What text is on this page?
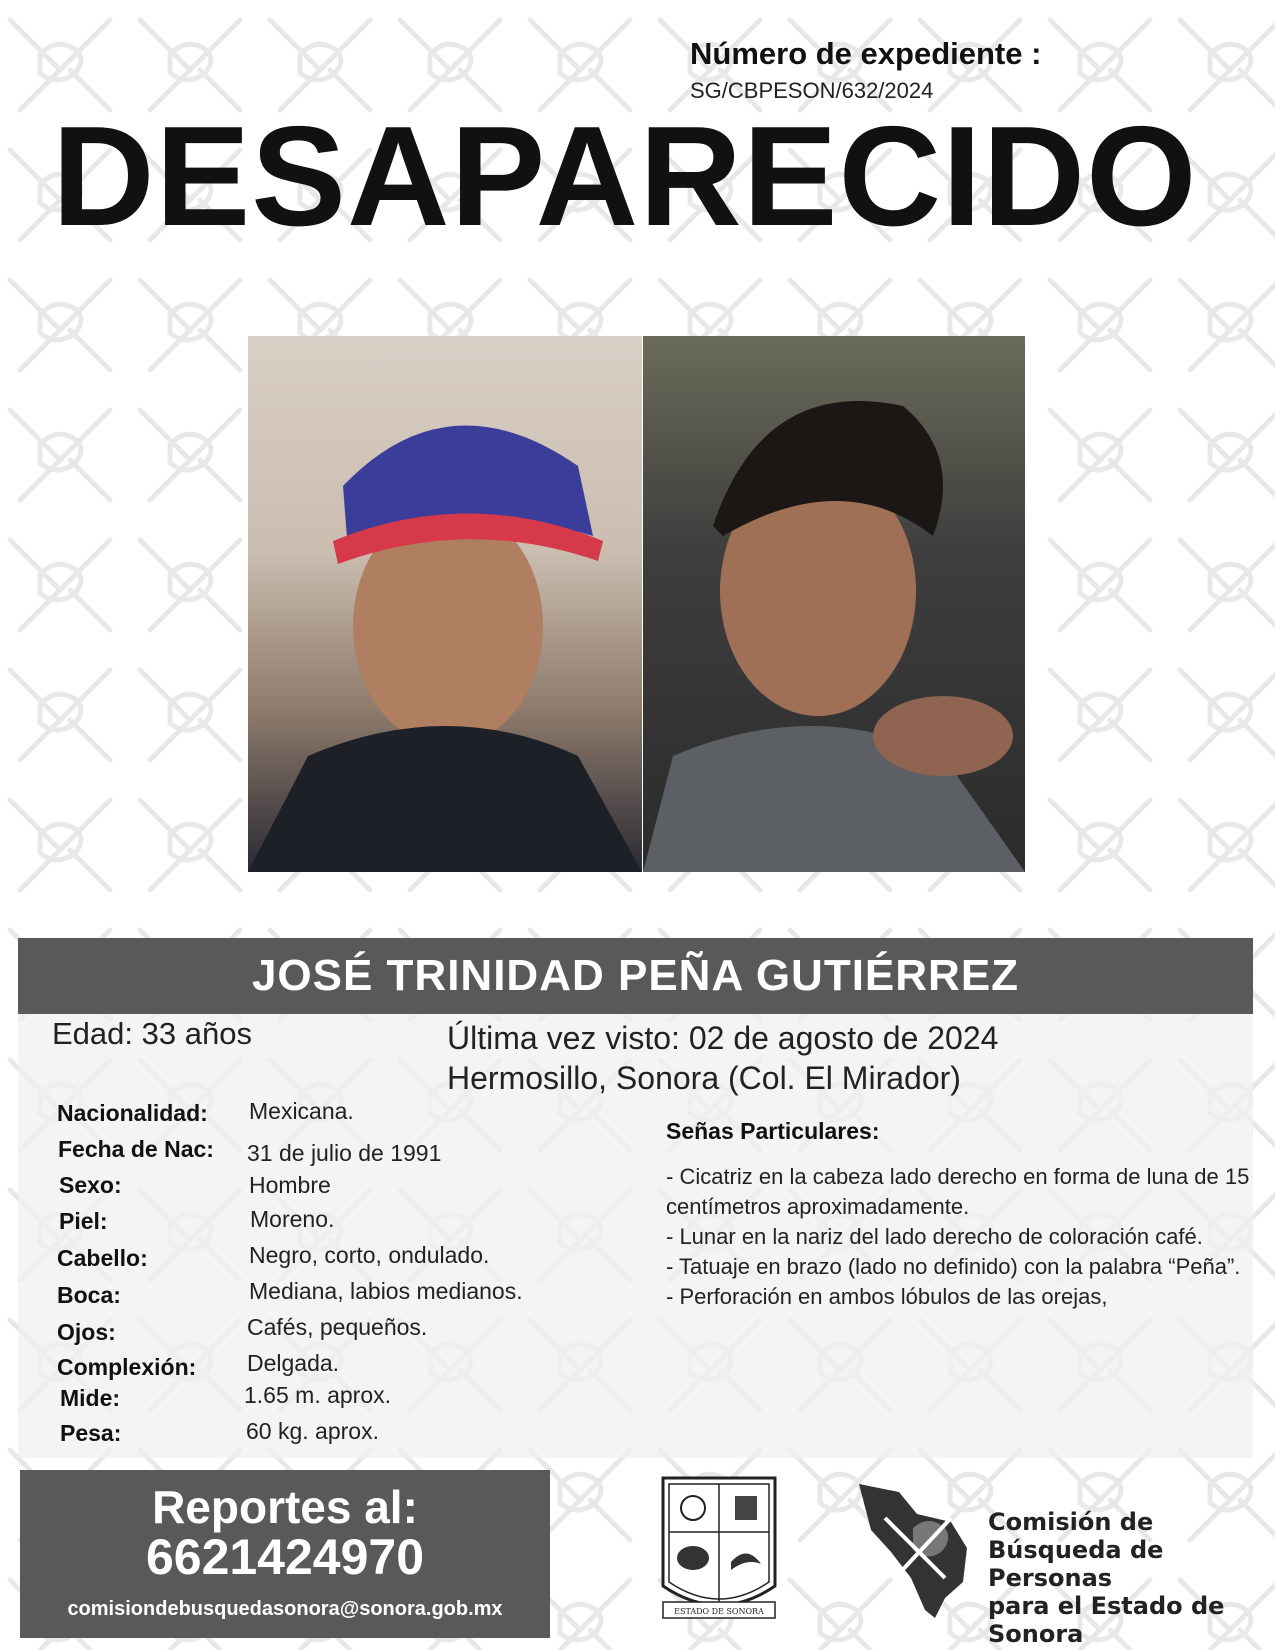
Número de expediente :
SG/CBPESON/632/2024
DESAPARECIDO
JOSÉ TRINIDAD PEÑA GUTIÉRREZ
Edad: 33 años	Última vez visto: 02 de agosto de 2024
Hermosillo, Sonora (Col. El Mirador)
Nacionalidad:
Fecha de Nac:
Sexo:
Piel:
Cabello:
Boca:
Ojos:
Complexión:
Mide:
Pesa:
Mexicana.
31 de julio de 1991
Hombre
Moreno.
Negro, corto, ondulado.
Mediana, labios medianos.
Cafés, pequeños.
Delgada.
1.65 m. aprox.
60 kg. aprox.
Señas Particulares:
- Cicatriz en la cabeza lado derecho en forma de luna de 15 centímetros aproximadamente.
- Lunar en la nariz del lado derecho de coloración café.
- Tatuaje en brazo (lado no definido) con la palabra “Peña”.
- Perforación en ambos lóbulos de las orejas,
Reportes al:
6621424970
comisiondebusquedasonora@sonora.gob.mx	ESTADO DE SONORA
Comisión de
Búsqueda de Personas
para el Estado de Sonora
